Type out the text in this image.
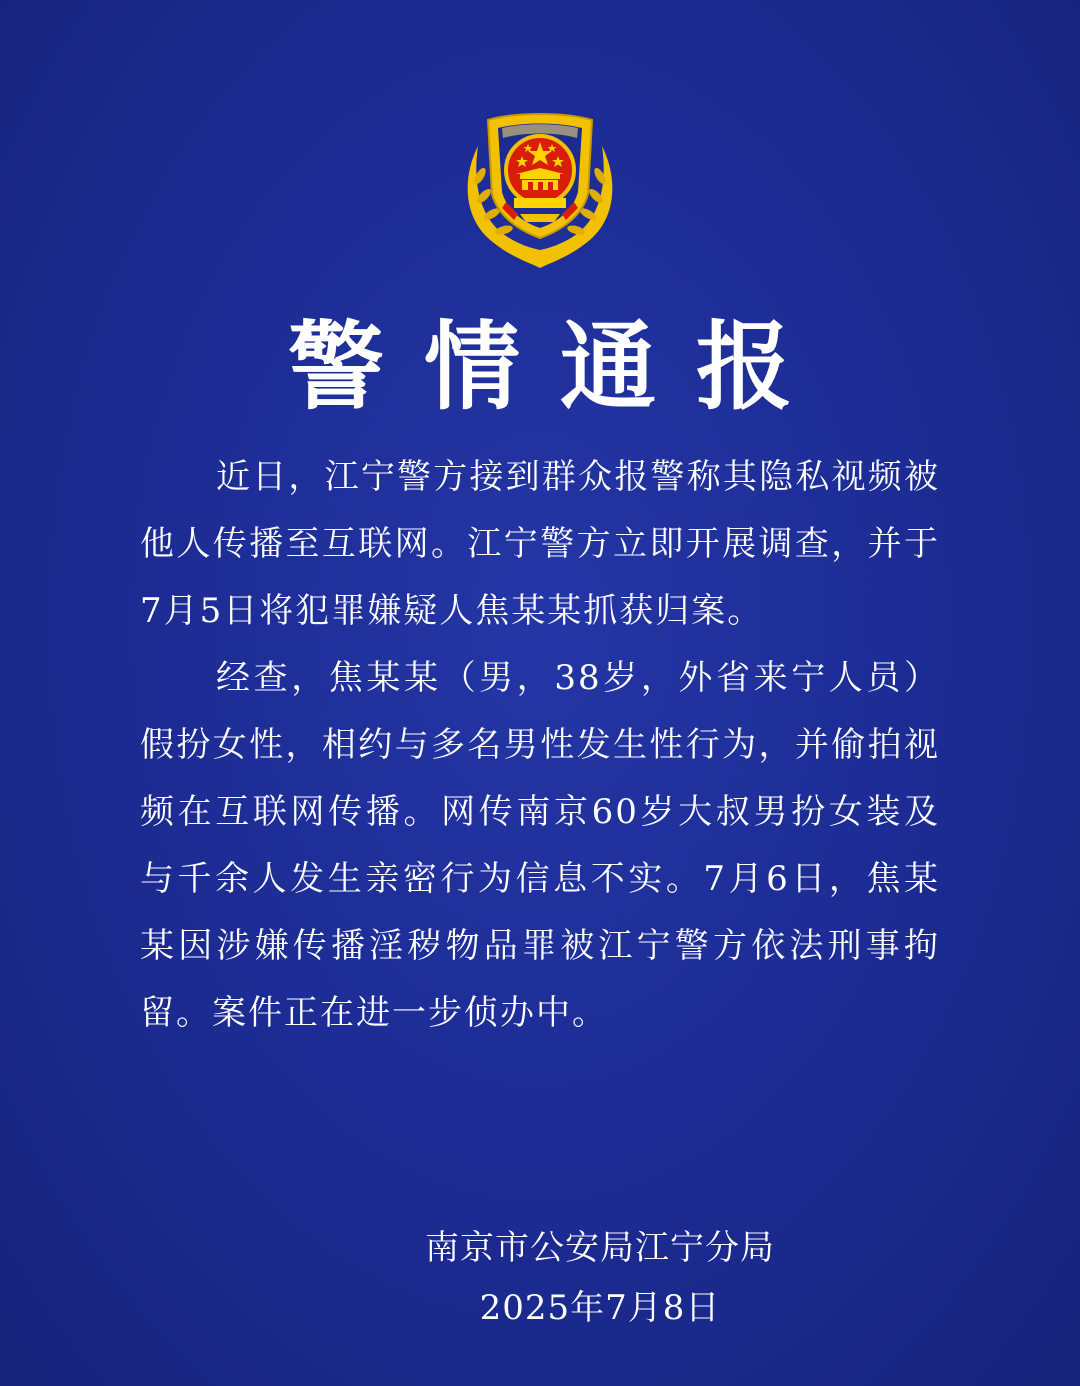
警情通报

近日，江宁警方接到群众报警称其隐私视频被他人传播至互联网。江宁警方立即开展调查，并于7月5日将犯罪嫌疑人焦某某抓获归案。

经查，焦某某（男，38岁，外省来宁人员）假扮女性，相约与多名男性发生性行为，并偷拍视频在互联网传播。网传南京60岁大叔男扮女装及与千余人发生亲密行为信息不实。7月6日，焦某某因涉嫌传播淫秽物品罪被江宁警方依法刑事拘留。案件正在进一步侦办中。

南京市公安局江宁分局
2025年7月8日
